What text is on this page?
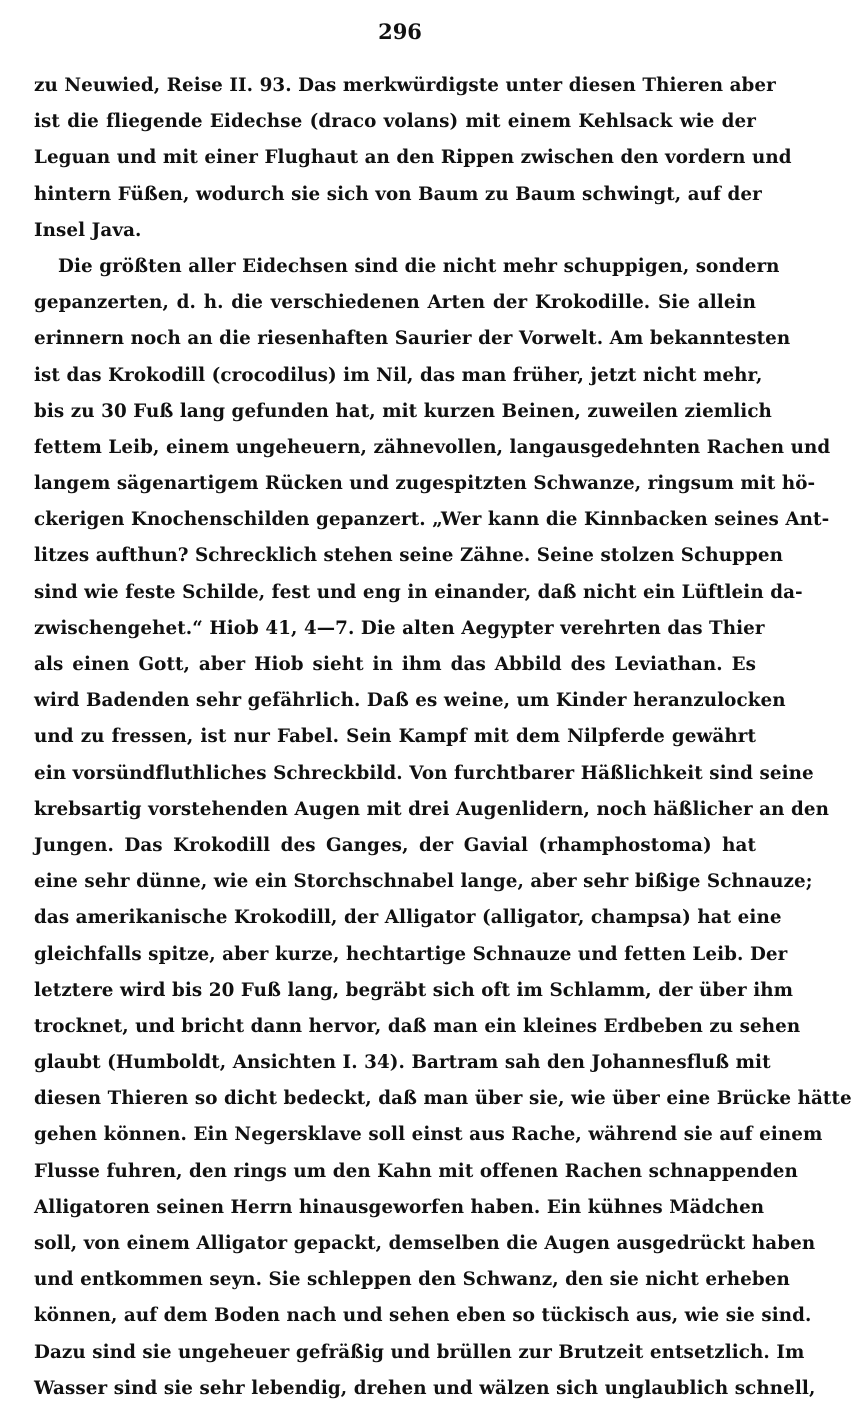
296
zu Neuwied, Reise II. 93. Das merkwürdigste unter diesen Thieren aber
ist die fliegende Eidechse (draco volans) mit einem Kehlsack wie der
Leguan und mit einer Flughaut an den Rippen zwischen den vordern und
hintern Füßen, wodurch sie sich von Baum zu Baum schwingt, auf der
Insel Java.
Die größten aller Eidechsen sind die nicht mehr schuppigen, sondern
gepanzerten, d. h. die verschiedenen Arten der Krokodille. Sie allein
erinnern noch an die riesenhaften Saurier der Vorwelt. Am bekanntesten
ist das Krokodill (crocodilus) im Nil, das man früher, jetzt nicht mehr,
bis zu 30 Fuß lang gefunden hat, mit kurzen Beinen, zuweilen ziemlich
fettem Leib, einem ungeheuern, zähnevollen, langausgedehnten Rachen und
langem sägenartigem Rücken und zugespitzten Schwanze, ringsum mit hö-
ckerigen Knochenschilden gepanzert. „Wer kann die Kinnbacken seines Ant-
litzes aufthun? Schrecklich stehen seine Zähne. Seine stolzen Schuppen
sind wie feste Schilde, fest und eng in einander, daß nicht ein Lüftlein da-
zwischengehet.“ Hiob 41, 4—7. Die alten Aegypter verehrten das Thier
als einen Gott, aber Hiob sieht in ihm das Abbild des Leviathan. Es
wird Badenden sehr gefährlich. Daß es weine, um Kinder heranzulocken
und zu fressen, ist nur Fabel. Sein Kampf mit dem Nilpferde gewährt
ein vorsündfluthliches Schreckbild. Von furchtbarer Häßlichkeit sind seine
krebsartig vorstehenden Augen mit drei Augenlidern, noch häßlicher an den
Jungen. Das Krokodill des Ganges, der Gavial (rhamphostoma) hat
eine sehr dünne, wie ein Storchschnabel lange, aber sehr bißige Schnauze;
das amerikanische Krokodill, der Alligator (alligator, champsa) hat eine
gleichfalls spitze, aber kurze, hechtartige Schnauze und fetten Leib. Der
letztere wird bis 20 Fuß lang, begräbt sich oft im Schlamm, der über ihm
trocknet, und bricht dann hervor, daß man ein kleines Erdbeben zu sehen
glaubt (Humboldt, Ansichten I. 34). Bartram sah den Johannesfluß mit
diesen Thieren so dicht bedeckt, daß man über sie, wie über eine Brücke hätte
gehen können. Ein Negersklave soll einst aus Rache, während sie auf einem
Flusse fuhren, den rings um den Kahn mit offenen Rachen schnappenden
Alligatoren seinen Herrn hinausgeworfen haben. Ein kühnes Mädchen
soll, von einem Alligator gepackt, demselben die Augen ausgedrückt haben
und entkommen seyn. Sie schleppen den Schwanz, den sie nicht erheben
können, auf dem Boden nach und sehen eben so tückisch aus, wie sie sind.
Dazu sind sie ungeheuer gefräßig und brüllen zur Brutzeit entsetzlich. Im
Wasser sind sie sehr lebendig, drehen und wälzen sich unglaublich schnell,
